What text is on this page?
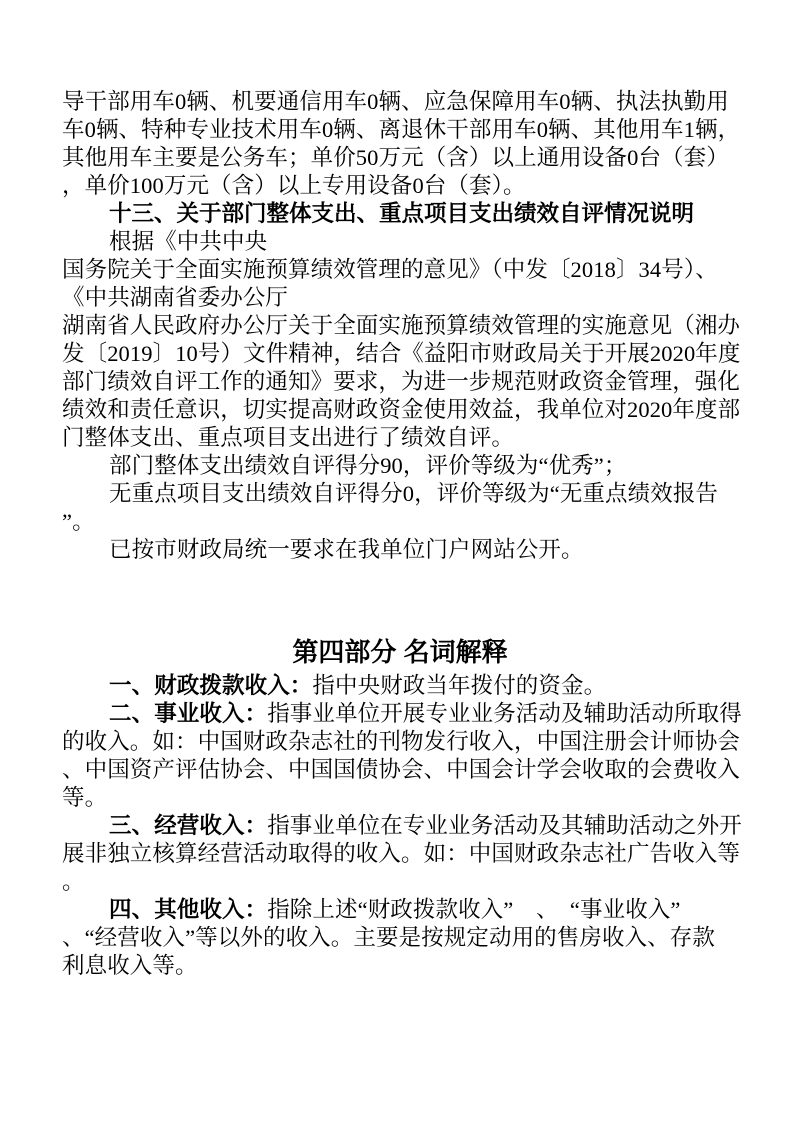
导干部用车0辆、机要通信用车0辆、应急保障用车0辆、执法执勤用
车0辆、特种专业技术用车0辆、离退休干部用车0辆、其他用车1辆，
其他用车主要是公务车；单价50万元（含）以上通用设备0台（套）
，单价100万元（含）以上专用设备0台（套）。
十三、关于部门整体支出、重点项目支出绩效自评情况说明
根据《中共中央
国务院关于全面实施预算绩效管理的意见》（中发〔2018〕34号）、
《中共湖南省委办公厅
湖南省人民政府办公厅关于全面实施预算绩效管理的实施意见（湘办
发〔2019〕10号）文件精神，结合《益阳市财政局关于开展2020年度
部门绩效自评工作的通知》要求，为进一步规范财政资金管理，强化
绩效和责任意识，切实提高财政资金使用效益，我单位对2020年度部
门整体支出、重点项目支出进行了绩效自评。
部门整体支出绩效自评得分90，评价等级为“优秀”；
无重点项目支出绩效自评得分0，评价等级为“无重点绩效报告
”。
已按市财政局统一要求在我单位门户网站公开。
第四部分 名词解释
一、财政拨款收入：指中央财政当年拨付的资金。
二、事业收入：指事业单位开展专业业务活动及辅助活动所取得
的收入。如：中国财政杂志社的刊物发行收入，中国注册会计师协会
、中国资产评估协会、中国国债协会、中国会计学会收取的会费收入
等。
三、经营收入：指事业单位在专业业务活动及其辅助活动之外开
展非独立核算经营活动取得的收入。如：中国财政杂志社广告收入等
。
四、其他收入：指除上述“财政拨款收入”　、　“事业收入”
、“经营收入”等以外的收入。主要是按规定动用的售房收入、存款
利息收入等。
